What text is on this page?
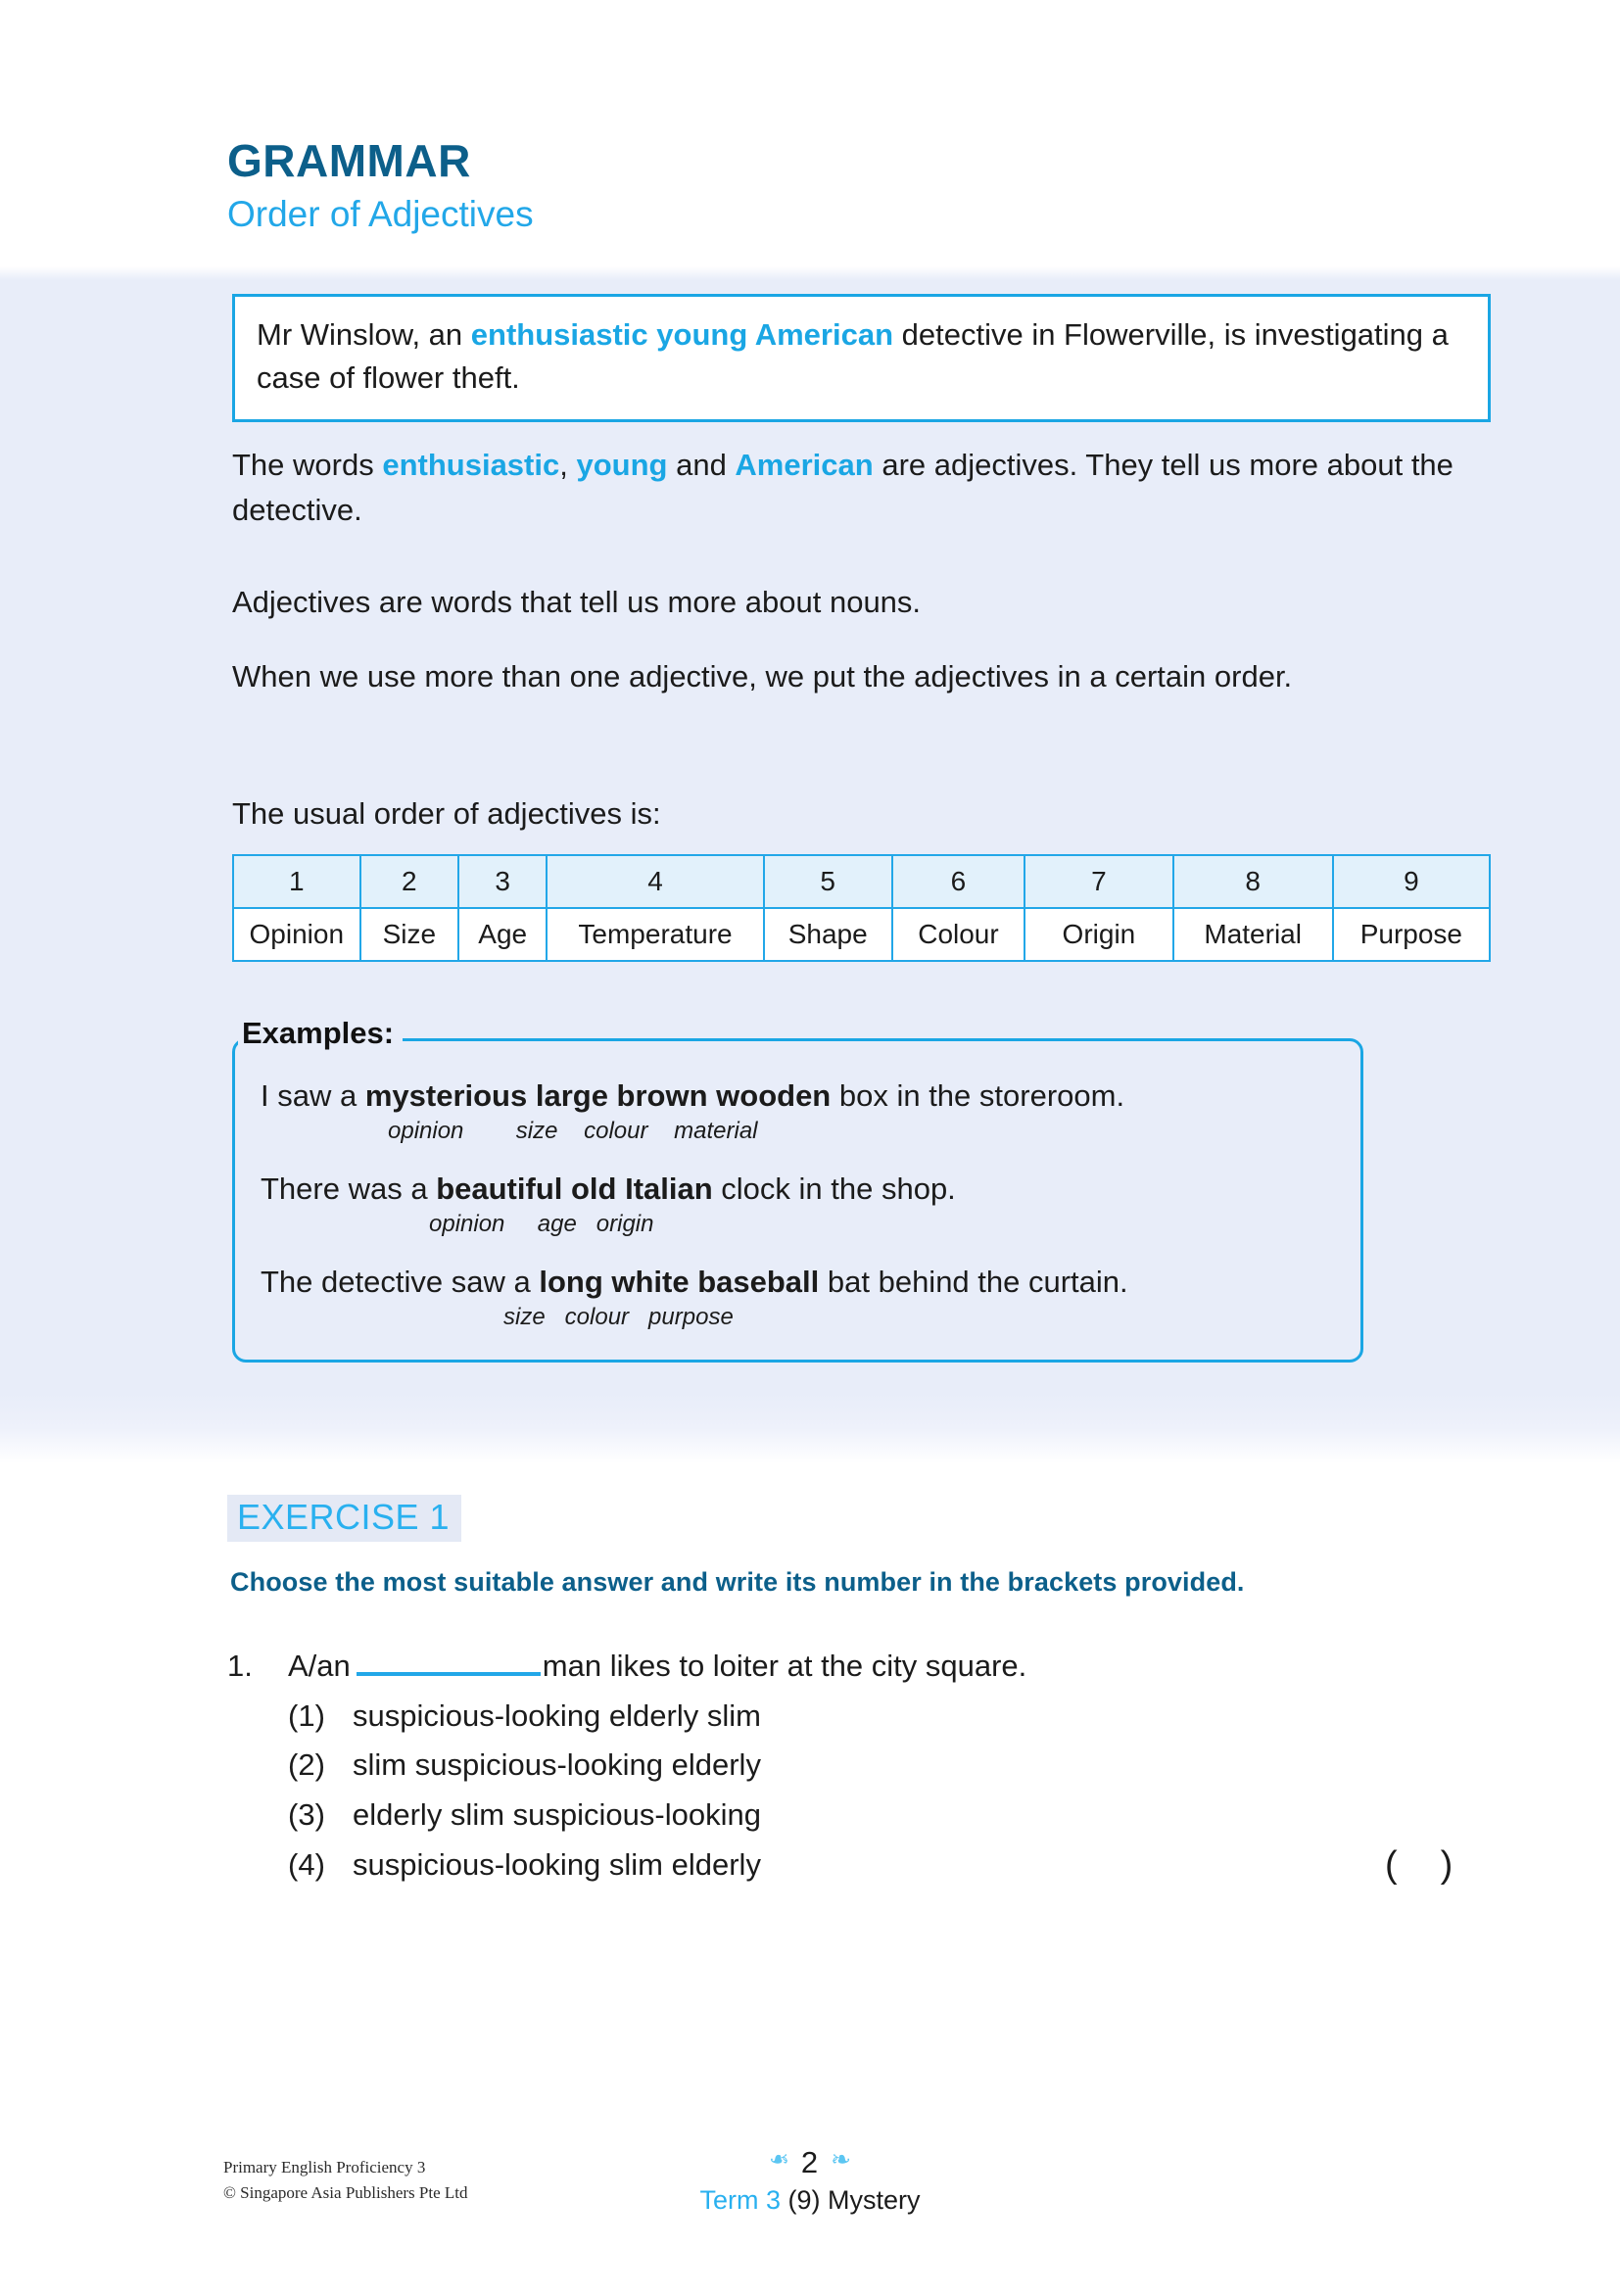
GRAMMAR
Order of Adjectives

Mr Winslow, an enthusiastic young American detective in Flowerville, is investigating a case of flower theft.

The words enthusiastic, young and American are adjectives. They tell us more about the detective.

Adjectives are words that tell us more about nouns.

When we use more than one adjective, we put the adjectives in a certain order.

The usual order of adjectives is:

1	2	3	4	5	6	7	8	9
Opinion	Size	Age	Temperature	Shape	Colour	Origin	Material	Purpose
Examples:

I saw a mysterious large brown wooden box in the storeroom.

opinion        size    colour    material

There was a beautiful old Italian clock in the shop.

opinion     age   origin

The detective saw a long white baseball bat behind the curtain.

size   colour   purpose

EXERCISE 1

Choose the most suitable answer and write its number in the brackets provided.

1.	A/an	man likes to loiter at the city square.
(1) suspicious-looking elderly slim
(2) slim suspicious-looking elderly
(3) elderly slim suspicious-looking
(4) suspicious-looking slim elderly	()
Primary English Proficiency 3
© Singapore Asia Publishers Pte Ltd
❧ 2 ❧
Term 3 (9) Mystery
